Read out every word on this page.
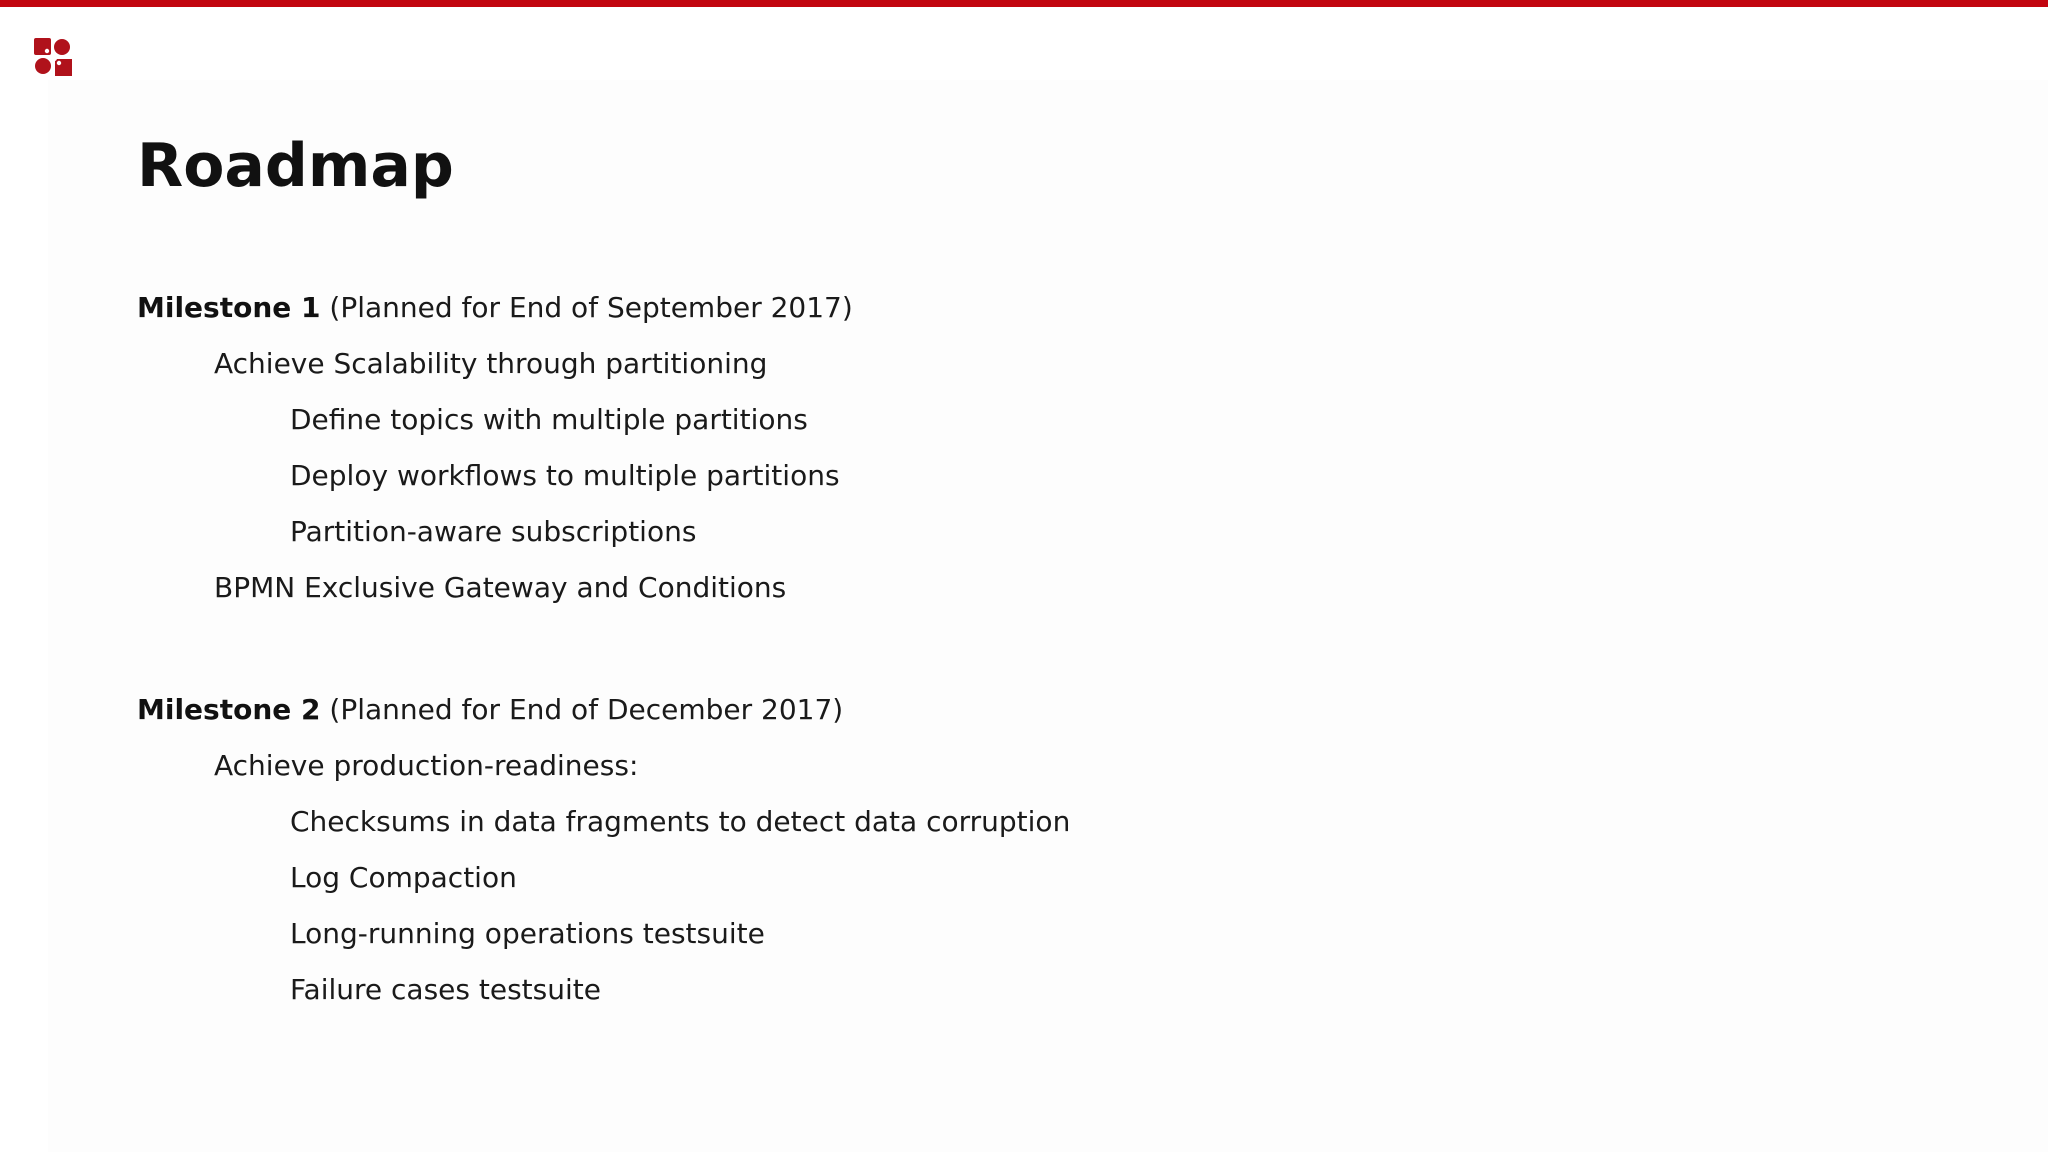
Roadmap
Milestone 1 (Planned for End of September 2017)
Achieve Scalability through partitioning
Define topics with multiple partitions
Deploy workflows to multiple partitions
Partition-aware subscriptions
BPMN Exclusive Gateway and Conditions
Milestone 2 (Planned for End of December 2017)
Achieve production-readiness:
Checksums in data fragments to detect data corruption
Log Compaction
Long-running operations testsuite
Failure cases testsuite
